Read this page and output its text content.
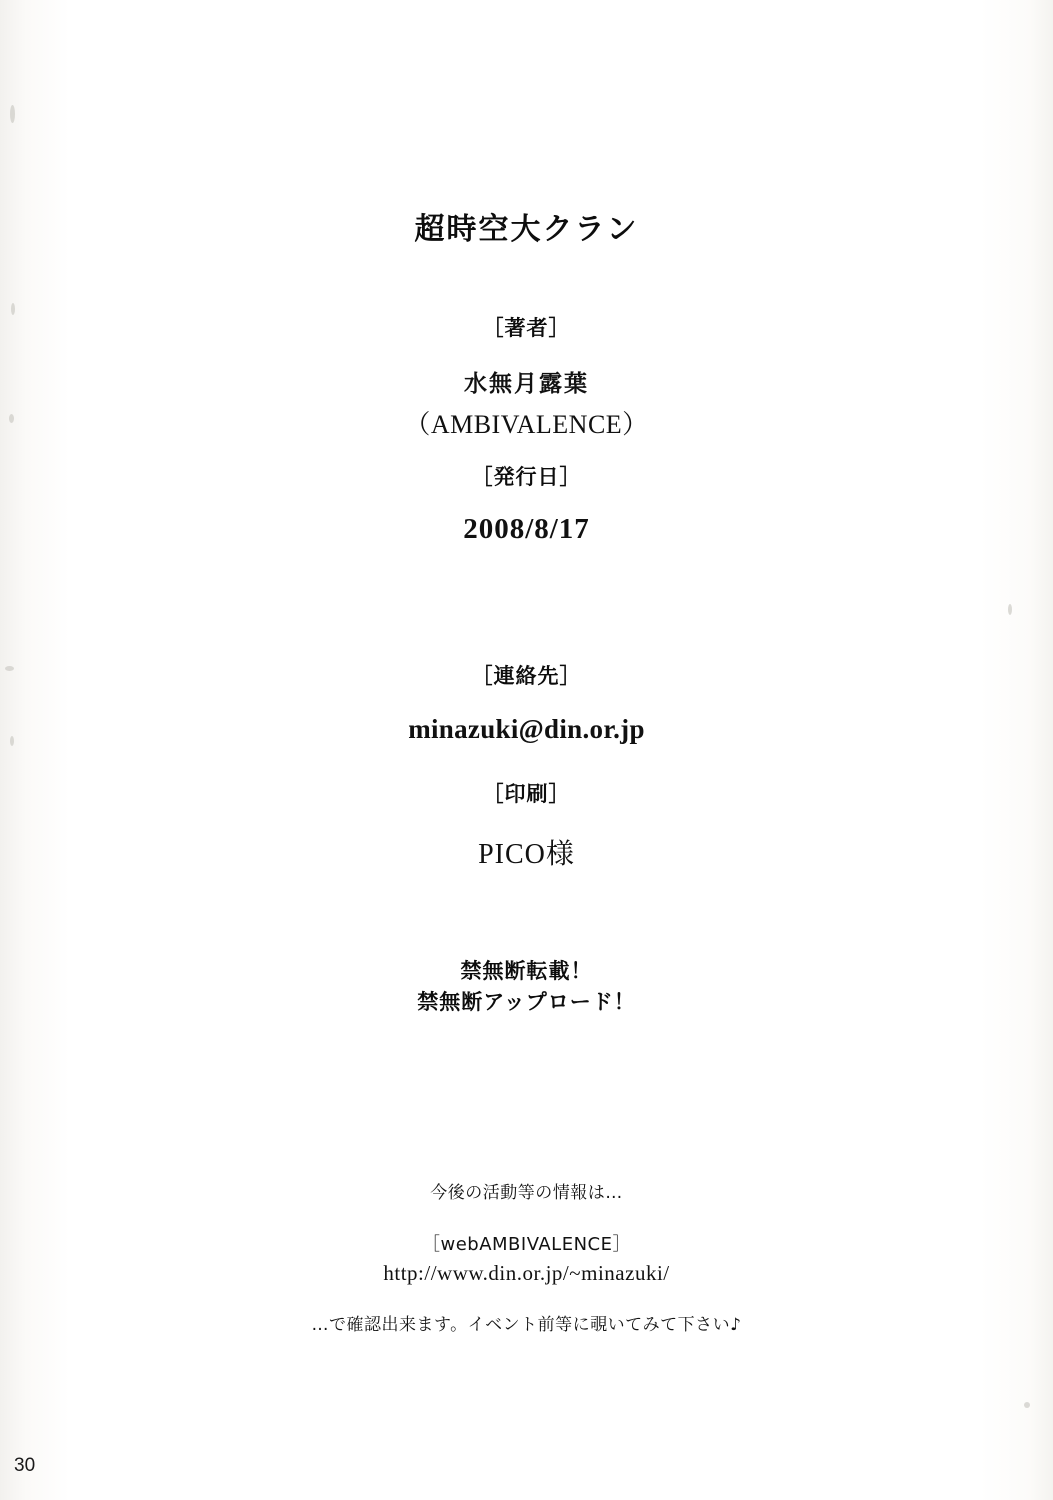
超時空大クラン
［著者］
水無月露葉
（AMBIVALENCE）
［発行日］
2008/8/17
［連絡先］
minazuki@din.or.jp
［印刷］
PICO様
禁無断転載！
禁無断アップロード！
今後の活動等の情報は…
［webAMBIVALENCE］
http://www.din.or.jp/~minazuki/
…で確認出来ます。イベント前等に覗いてみて下さい♪
30
